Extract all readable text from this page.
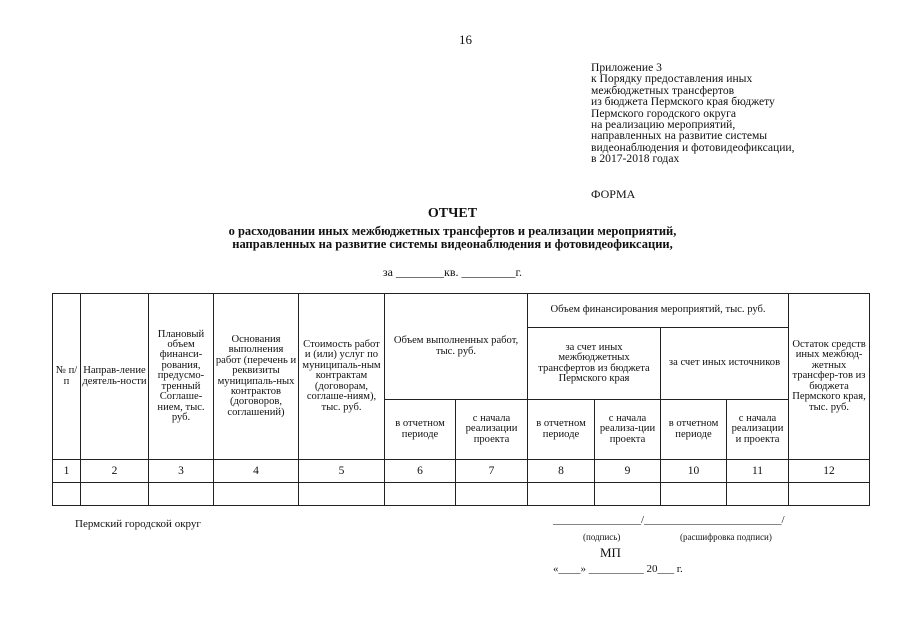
16
Приложение 3
к Порядку предоставления иных
межбюджетных трансфертов
из бюджета Пермского края бюджету
Пермского городского округа
на реализацию мероприятий,
направленных на развитие системы
видеонаблюдения и фотовидеофиксации,
в 2017-2018 годах
ФОРМА
ОТЧЕТ
о расходовании иных межбюджетных трансфертов и реализации мероприятий,
направленных на развитие системы видеонаблюдения и фотовидеофиксации,
за ________кв. _________г.
№ п/п	Направ-ление деятель-ности	Плановый объем финанси-рования, предусмо-тренный Соглаше-нием, тыс. руб.	Основания выполнения работ (перечень и реквизиты муниципаль-ных контрактов (договоров, соглашений)	Стоимость работ и (или) услуг по муниципаль-ным контрактам (договорам, соглаше-ниям), тыс. руб.	Объем выполненных работ, тыс. руб.		Объем финансирования мероприятий, тыс. руб.				Остаток средств иных межбюд-жетных трансфер-тов из бюджета Пермского края, тыс. руб.
							за счет иных межбюджетных трансфертов из бюджета Пермского края		за счет иных источников		
					в отчетном периоде	с начала реализации проекта	в отчетном периоде	с начала реализа-ции проекта	в отчетном периоде	с начала реализации и проекта	
1	2	3	4	5	6	7	8	9	10	11	12

Пермский городской округ	________________/_________________________/
(подпись)	(расшифровка подписи)
МП
«____» __________ 20___ г.
